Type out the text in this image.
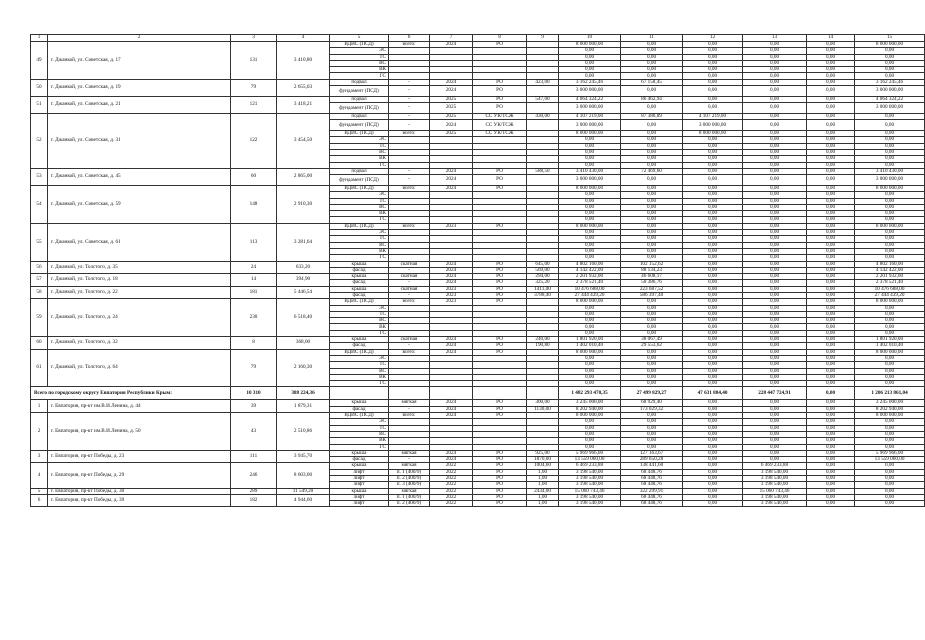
1	2	3	4	5	6	7	8	9	10	11	12	13	14	15
49	г. Джанкой, ул. Советская, д. 17	131	3 410,80	ВДИС (ПСД)	всего:	2024	РО		8 000 000,00	0,00	0,00	0,00	0,00	8 000 000,00
				ЭС					0,00	0,00	0,00	0,00	0,00	0,00
				ТС					0,00	0,00	0,00	0,00	0,00	0,00
				ВС					0,00	0,00	0,00	0,00	0,00	0,00
				ВК					0,00	0,00	0,00	0,00	0,00	0,00
				ГС					0,00	0,00	0,00	0,00	0,00	0,00
50	г. Джанкой, ул. Советская, д. 19	79	2 655,03	подвал	-	2024	РО	423,00	3 162 245,46	67 158,45	0,00	0,00	0,00	3 162 245,46
				фундамент (ПСД)	-	2024	РО		3 000 000,00	0,00	0,00	0,00	0,00	3 000 000,00
51	г. Джанкой, ул. Советская, д. 21	121	3 418,21	подвал	-	2025	РО	547,00	4 064 324,22	86 462,94	0,00	0,00	0,00	4 064 324,22
				фундамент (ПСД)	-	2025	РО		3 000 000,00	0,00	0,00	0,00	0,00	3 000 000,00
52	г. Джанкой, ул. Советская, д. 31	122	3 454,50	подвал	-	2025	СС УК/ТСЖ	430,00	4 107 219,00	87 380,89	4 107 219,00	0,00	0,00	0,00
				фундамент (ПСД)	-	2024	СС УК/ТСЖ		3 000 000,00	0,00	3 000 000,00	0,00	0,00	0,00
				ВДИС (ПСД)	всего:	2025	СС УК/ТСЖ		8 000 000,00	0,00	8 000 000,00	0,00	0,00	0,00
				ЭС					0,00	0,00	0,00	0,00	0,00	0,00
				ТС					0,00	0,00	0,00	0,00	0,00	0,00
				ВС					0,00	0,00	0,00	0,00	0,00	0,00
				ВК					0,00	0,00	0,00	0,00	0,00	0,00
				ГС					0,00	0,00	0,00	0,00	0,00	0,00
53	г. Джанкой, ул. Советская, д. 45	60	2 865,00	подвал	-	2024	РО	588,50	3 410 430,00	72 469,60	0,00	0,00	0,00	3 410 430,00
				фундамент (ПСД)	-	2024	РО		3 000 000,00	0,00	0,00	0,00	0,00	3 000 000,00
54	г. Джанкой, ул. Советская, д. 59	148	2 910,30	ВДИС (ПСД)	всего:	2024	РО		8 000 000,00	0,00	0,00	0,00	0,00	8 000 000,00
				ЭС					0,00	0,00	0,00	0,00	0,00	0,00
				ТС					0,00	0,00	0,00	0,00	0,00	0,00
				ВС					0,00	0,00	0,00	0,00	0,00	0,00
				ВК					0,00	0,00	0,00	0,00	0,00	0,00
				ГС					0,00	0,00	0,00	0,00	0,00	0,00
55	г. Джанкой, ул. Советская, д. 61	113	3 281,64	ВДИС (ПСД)	всего:	2023	РО		8 000 000,00	0,00	0,00	0,00	0,00	8 000 000,00
				ЭС					0,00	0,00	0,00	0,00	0,00	0,00
				ТС					0,00	0,00	0,00	0,00	0,00	0,00
				ВС					0,00	0,00	0,00	0,00	0,00	0,00
				ВК					0,00	0,00	0,00	0,00	0,00	0,00
				ГС					0,00	0,00	0,00	0,00	0,00	0,00
56	г. Джанкой, ул. Толстого, д. 35	24	633,20	крыша	скатная	2024	РО	645,00	4 802 160,00	102 152,62	0,00	0,00	0,00	4 802 160,00
				фасад	-	2024	РО	569,00	4 142 422,00	88 134,23	0,00	0,00	0,00	4 142 422,00
57	г. Джанкой, ул. Толстого, д. 18	14	394,90	крыша	скатная	2024	РО	294,00	2 201 932,00	46 608,17	0,00	0,00	0,00	2 201 932,00
				фасад	-	2024	РО	325,20	2 378 521,40	50 386,76	0,00	0,00	0,00	2 378 521,40
58	г. Джанкой, ул. Толстого, д. 22	181	5 446,54	крыша	скатная	2023	РО	1411,00	10 476 688,00	223 687,52	0,00	0,00	0,00	10 476 688,00
				фасад	-	2023	РО	3788,40	27 444 439,20	586 397,40	0,00	0,00	0,00	27 444 439,20
59	г. Джанкой, ул. Толстого, д. 24	230	6 518,40	ВДИС (ПСД)	всего:	2023	РО		8 000 000,00	0,00	0,00	0,00	0,00	8 000 000,00
				ЭС					0,00	0,00	0,00	0,00	0,00	0,00
				ТС					0,00	0,00	0,00	0,00	0,00	0,00
				ВС					0,00	0,00	0,00	0,00	0,00	0,00
				ВК					0,00	0,00	0,00	0,00	0,00	0,00
				ГС					0,00	0,00	0,00	0,00	0,00	0,00
60	г. Джанкой, ул. Толстого, д. 32	8	368,00	крыша	скатная	2024	РО	240,00	1 801 920,00	38 067,49	0,00	0,00	0,00	1 801 920,00
				фасад	-	2024	РО	190,80	1 402 010,40	29 553,62	0,00	0,00	0,00	1 402 010,40
61	г. Джанкой, ул. Толстого, д. 64	79	2 160,30	ВДИС (ПСД)	всего:	2024	РО		8 000 000,00	0,00	0,00	0,00	0,00	8 000 000,00
				ЭС					0,00	0,00	0,00	0,00	0,00	0,00
				ТС					0,00	0,00	0,00	0,00	0,00	0,00
				ВС					0,00	0,00	0,00	0,00	0,00	0,00
				ВК					0,00	0,00	0,00	0,00	0,00	0,00
				ГС					0,00	0,00	0,00	0,00	0,00	0,00
Всего по городскому округу Евпатория Республики Крым:		10 310	388 224,36						1 482 293 470,35	27 499 829,27	47 631 884,40	228 447 724,91	0,00	1 206 213 861,04
1	г. Евпатория, пр-кт им.В.И.Ленина, д. 44	39	1 879,31	крыша	мягкая	2024	РО	300,00	3 245 000,00	68 929,40	0,00	0,00	0,00	3 245 000,00
				фасад	-	2024	РО	1130,00	8 202 940,00	173 029,32	0,00	0,00	0,00	8 202 940,00
2	г. Евпатория, пр-кт им.В.И.Ленина, д. 50	43	2 510,86	ВДИС (ПСД)	всего:	2024	РО		8 000 000,00	0,00	0,00	0,00	0,00	8 000 000,00
				ЭС					0,00	0,00	0,00	0,00	0,00	0,00
				ТС					0,00	0,00	0,00	0,00	0,00	0,00
				ВС					0,00	0,00	0,00	0,00	0,00	0,00
				ВК					0,00	0,00	0,00	0,00	0,00	0,00
				ГС					0,00	0,00	0,00	0,00	0,00	0,00
3	г. Евпатория, пр-кт Победы, д. 23	111	3 945,70	крыша	мягкая	2024	РО	925,00	5 969 966,00	127 163,67	0,00	0,00	0,00	5 969 966,00
				фасад	-	2024	РО	1870,00	13 559 060,00	289 650,28	0,00	0,00	0,00	13 559 060,00
4	г. Евпатория, пр-кт Победы, д. 29	246	8 603,00	крыша	мягкая	2022	РО	1004,60	6 469 233,88	138 441,60	0,00	6 469 233,88	0,00	0,00
				лифт	п. 1 (400/9)	2022	РО	1,00	3 198 540,00	68 448,76	0,00	3 198 540,00	0,00	0,00
				лифт	п. 2 (400/9)	2022	РО	1,00	3 198 540,00	68 448,76	0,00	3 198 540,00	0,00	0,00
				лифт	п. 3 (400/9)	2022	РО	1,00	3 198 540,00	68 448,76	0,00	3 198 540,00	0,00	0,00
5	г. Евпатория, пр-кт Победы, д. 30	289	11 549,20	крыша	мягкая	2022	РО	2434,00	15 060 743,46	322 299,91	0,00	15 060 743,46	0,00	0,00
6	г. Евпатория, пр-кт Победы, д. 39	182	4 944,60	лифт	п. 1 (400/9)	2022	РО	1,00	3 198 540,00	68 448,76	0,00	3 198 540,00	0,00	0,00
				лифт	п. 2 (400/9)	2022	РО	1,00	3 198 540,00	68 448,76	0,00	3 198 540,00	0,00	0,00
